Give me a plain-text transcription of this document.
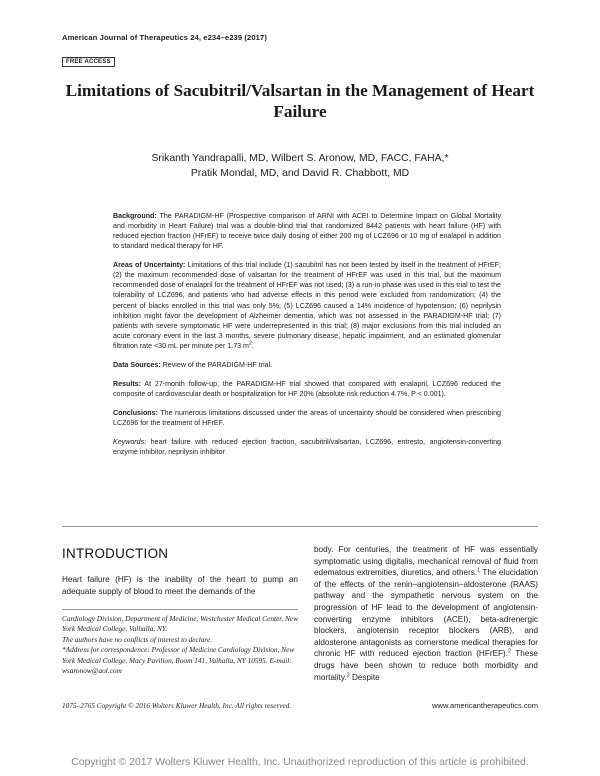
American Journal of Therapeutics 24, e234–e239 (2017)
FREE ACCESS
Limitations of Sacubitril/Valsartan in the Management of Heart Failure
Srikanth Yandrapalli, MD, Wilbert S. Aronow, MD, FACC, FAHA,*
Pratik Mondal, MD, and David R. Chabbott, MD

Background: The PARADIGM-HF (Prospective comparison of ARNI with ACEI to Determine Impact on Global Mortality and morbidity in Heart Failure) trial was a double-blind trial that randomized 8442 patients with heart failure (HF) with reduced ejection fraction (HFrEF) to receive twice daily dosing of either 200 mg of LCZ696 or 10 mg of enalapril in addition to standard medical therapy for HF.

Areas of Uncertainty: Limitations of this trial include (1) sacubitril has not been tested by itself in the treatment of HFrEF; (2) the maximum recommended dose of valsartan for the treatment of HFrEF was used in this trial, but the maximum recommended dose of enalapril for the treatment of HFrEF was not used; (3) a run-in phase was used in this trial to test the tolerability of LCZ696, and patients who had adverse effects in this period were excluded from randomization; (4) the percent of blacks enrolled in this trial was only 5%; (5) LCZ696 caused a 14% incidence of hypotension; (6) neprilysin inhibition might favor the development of Alzheimer dementia, which was not assessed in the PARADIGM-HF trial; (7) patients with severe symptomatic HF were underrepresented in this trial; (8) major exclusions from this trial included an acute coronary event in the last 3 months, severe pulmonary disease, hepatic impairment, and an estimated glomerular filtration rate <30 mL per minute per 1.73 $m^2$.

Data Sources: Review of the PARADIGM-HF trial.

Results: At 27-month follow-up, the PARADIGM-HF trial showed that compared with enalapril, LCZ696 reduced the composite of cardiovascular death or hospitalization for HF 20% (absolute risk reduction 4.7%, P < 0.001).

Conclusions: The numerous limitations discussed under the areas of uncertainty should be considered when prescribing LCZ696 for the treatment of HFrEF.

Keywords: heart failure with reduced ejection fraction, sacubitril/valsartan, LCZ696, entresto, angiotensin-converting enzyme inhibitor, neprilysin inhibitor

INTRODUCTION
Heart failure (HF) is the inability of the heart to pump an adequate supply of blood to meet the demands of the

Cardiology Division, Department of Medicine, Westchester Medical Center, New York Medical College, Valhalla, NY.

The authors have no conflicts of interest to declare.

*Address for correspondence: Professor of Medicine Cardiology Division, New York Medical College, Macy Pavilion, Room 141, Valhalla, NY 10595. E-mail: wsaronow@aol.com

body. For centuries, the treatment of HF was essentially symptomatic using digitalis, mechanical removal of fluid from edematous extremities, diuretics, and others.$^1$ The elucidation of the effects of the renin–angiotensin–aldosterone (RAAS) pathway and the sympathetic nervous system on the progression of HF lead to the development of angiotensin-converting enzyme inhibitors (ACEI), beta-adrenergic blockers, angiotensin receptor blockers (ARB), and aldosterone antagonists as cornerstone medical therapies for chronic HF with reduced ejection fraction (HFrEF).$^2$ These drugs have been shown to reduce both morbidity and mortality.$^2$ Despite
1075–2765 Copyright © 2016 Wolters Kluwer Health, Inc. All rights reserved.	www.americantherapeutics.com
Copyright © 2017 Wolters Kluwer Health, Inc. Unauthorized reproduction of this article is prohibited.
